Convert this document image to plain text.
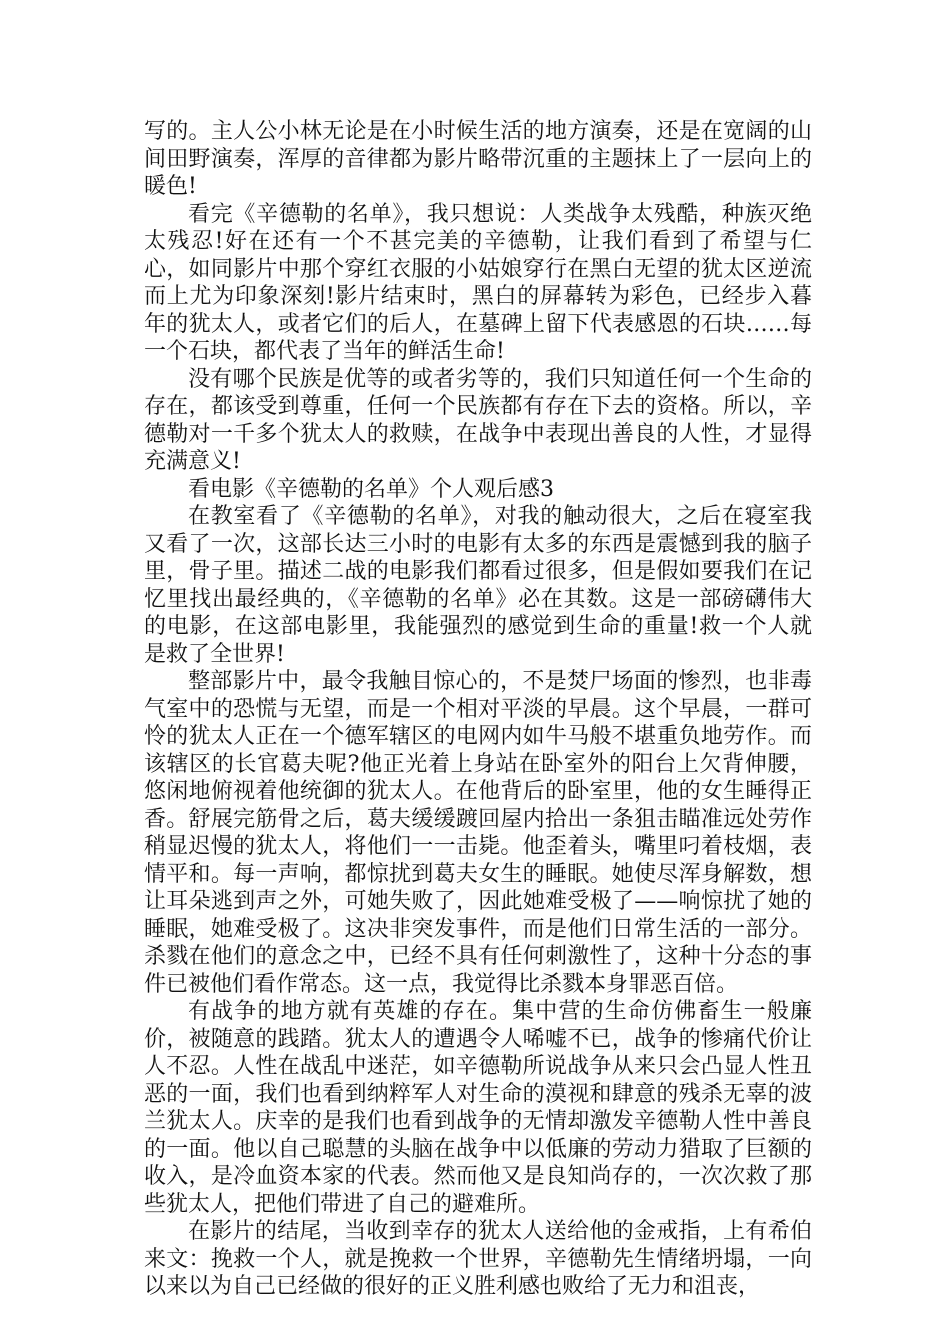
写的。主人公小林无论是在小时候生活的地方演奏，还是在宽阔的山间田野演奏，浑厚的音律都为影片略带沉重的主题抹上了一层向上的暖色!

看完《辛德勒的名单》，我只想说：人类战争太残酷，种族灭绝太残忍!好在还有一个不甚完美的辛德勒，让我们看到了希望与仁心，如同影片中那个穿红衣服的小姑娘穿行在黑白无望的犹太区逆流而上尤为印象深刻!影片结束时，黑白的屏幕转为彩色，已经步入暮年的犹太人，或者它们的后人，在墓碑上留下代表感恩的石块……每一个石块，都代表了当年的鲜活生命!

没有哪个民族是优等的或者劣等的，我们只知道任何一个生命的存在，都该受到尊重，任何一个民族都有存在下去的资格。所以，辛德勒对一千多个犹太人的救赎，在战争中表现出善良的人性，才显得充满意义!

看电影《辛德勒的名单》个人观后感3

在教室看了《辛德勒的名单》，对我的触动很大，之后在寝室我又看了一次，这部长达三小时的电影有太多的东西是震憾到我的脑子里，骨子里。描述二战的电影我们都看过很多，但是假如要我们在记忆里找出最经典的，《辛德勒的名单》必在其数。这是一部磅礴伟大的电影，在这部电影里，我能强烈的感觉到生命的重量!救一个人就是救了全世界!

整部影片中，最令我触目惊心的，不是焚尸场面的惨烈，也非毒气室中的恐慌与无望，而是一个相对平淡的早晨。这个早晨，一群可怜的犹太人正在一个德军辖区的电网内如牛马般不堪重负地劳作。而该辖区的长官葛夫呢?他正光着上身站在卧室外的阳台上欠背伸腰，悠闲地俯视着他统御的犹太人。在他背后的卧室里，他的女生睡得正香。舒展完筋骨之后，葛夫缓缓踱回屋内拾出一条狙击瞄准远处劳作稍显迟慢的犹太人，将他们一一击毙。他歪着头，嘴里叼着枝烟，表情平和。每一声响，都惊扰到葛夫女生的睡眠。她使尽浑身解数，想让耳朵逃到声之外，可她失败了，因此她难受极了——响惊扰了她的睡眠，她难受极了。这决非突发事件，而是他们日常生活的一部分。杀戮在他们的意念之中，已经不具有任何刺激性了，这种十分态的事件已被他们看作常态。这一点，我觉得比杀戮本身罪恶百倍。

有战争的地方就有英雄的存在。集中营的生命仿佛畜生一般廉价，被随意的践踏。犹太人的遭遇令人唏嘘不已，战争的惨痛代价让人不忍。人性在战乱中迷茫，如辛德勒所说战争从来只会凸显人性丑恶的一面，我们也看到纳粹军人对生命的漠视和肆意的残杀无辜的波兰犹太人。庆幸的是我们也看到战争的无情却激发辛德勒人性中善良的一面。他以自己聪慧的头脑在战争中以低廉的劳动力猎取了巨额的收入，是冷血资本家的代表。然而他又是良知尚存的，一次次救了那些犹太人，把他们带进了自己的避难所。

在影片的结尾，当收到幸存的犹太人送给他的金戒指，上有希伯来文：挽救一个人，就是挽救一个世界，辛德勒先生情绪坍塌，一向以来以为自己已经做的很好的正义胜利感也败给了无力和沮丧，
